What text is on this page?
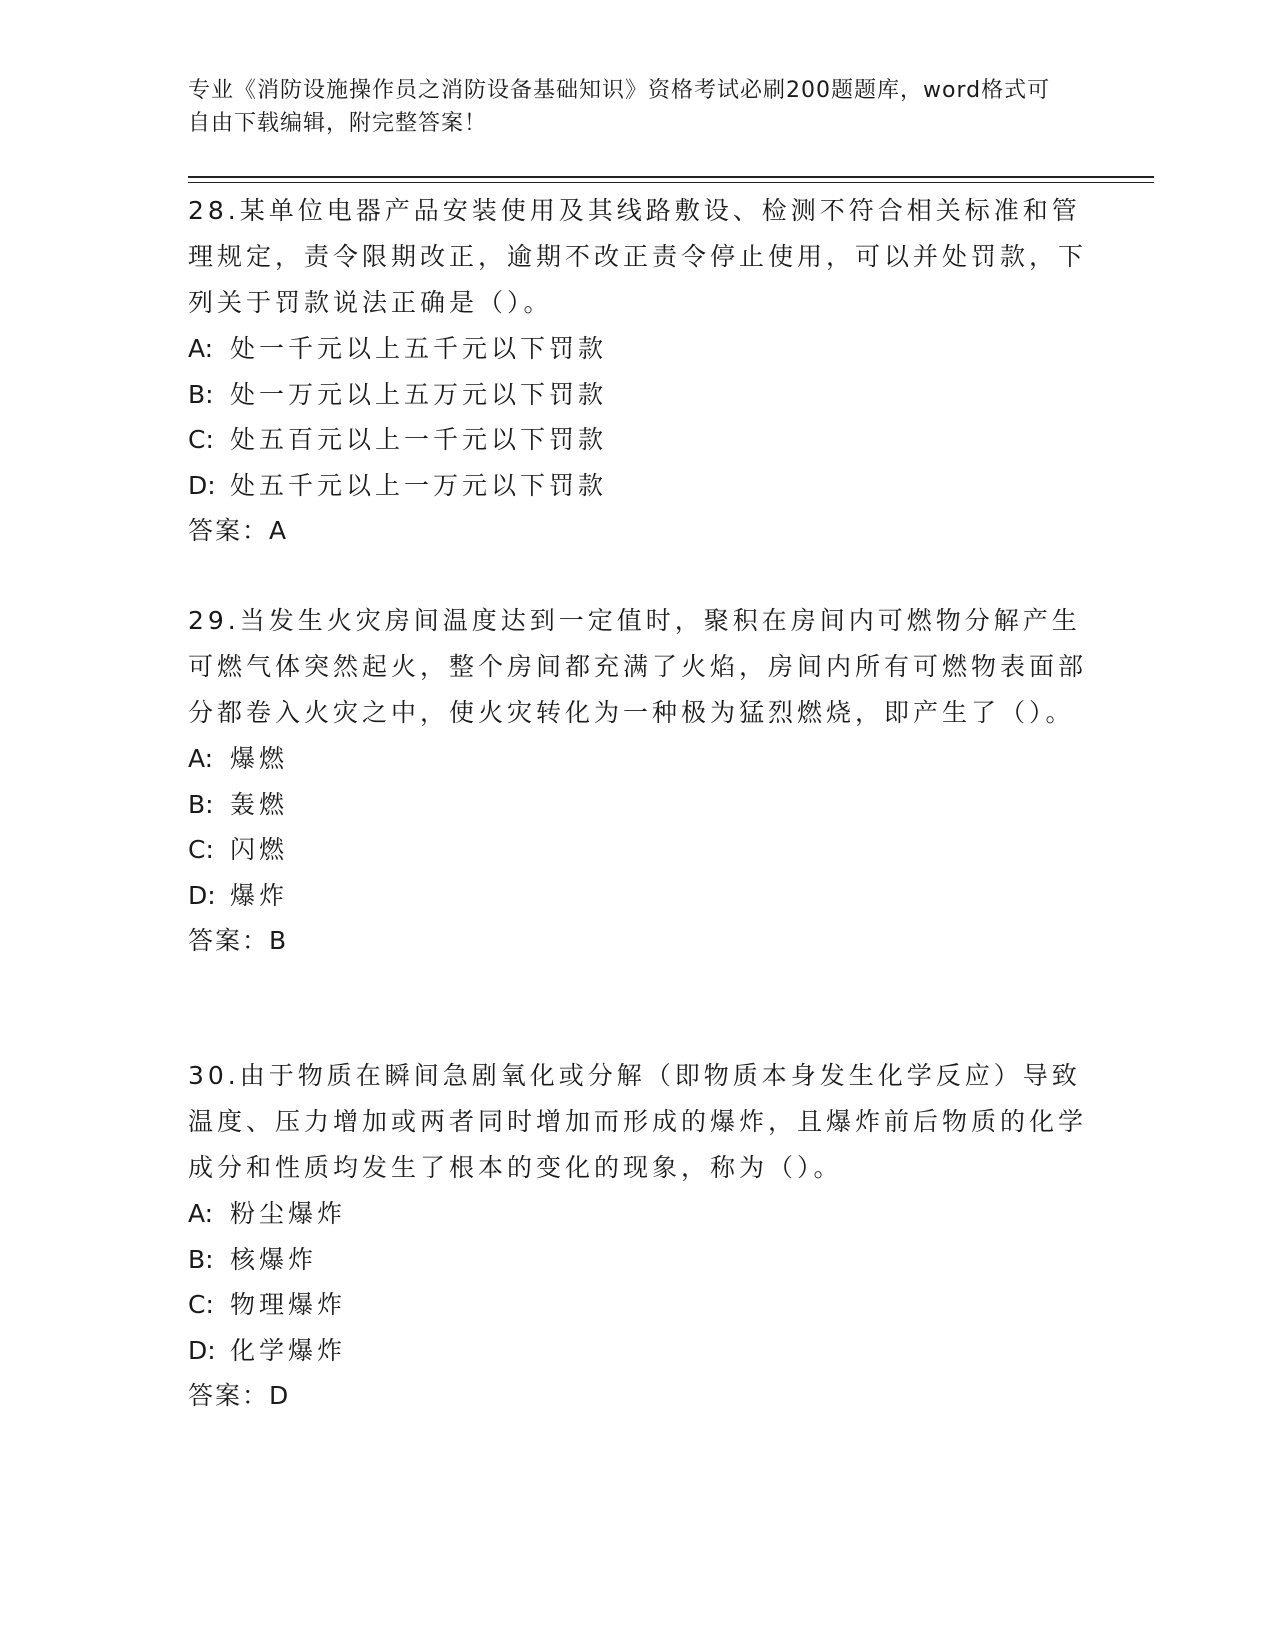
专业《消防设施操作员之消防设备基础知识》资格考试必刷200题题库，word格式可自由下载编辑，附完整答案！

28.某单位电器产品安装使用及其线路敷设、检测不符合相关标准和管理规定，责令限期改正，逾期不改正责令停止使用，可以并处罚款，下列关于罚款说法正确是（）。

A: 处一千元以上五千元以下罚款
B: 处一万元以上五万元以下罚款
C: 处五百元以上一千元以下罚款
D: 处五千元以上一万元以下罚款
答案：A

29.当发生火灾房间温度达到一定值时，聚积在房间内可燃物分解产生可燃气体突然起火，整个房间都充满了火焰，房间内所有可燃物表面部分都卷入火灾之中，使火灾转化为一种极为猛烈燃烧，即产生了（）。

A: 爆燃
B: 轰燃
C: 闪燃
D: 爆炸
答案：B

30.由于物质在瞬间急剧氧化或分解（即物质本身发生化学反应）导致温度、压力增加或两者同时增加而形成的爆炸，且爆炸前后物质的化学成分和性质均发生了根本的变化的现象，称为（）。

A: 粉尘爆炸
B: 核爆炸
C: 物理爆炸
D: 化学爆炸
答案：D
